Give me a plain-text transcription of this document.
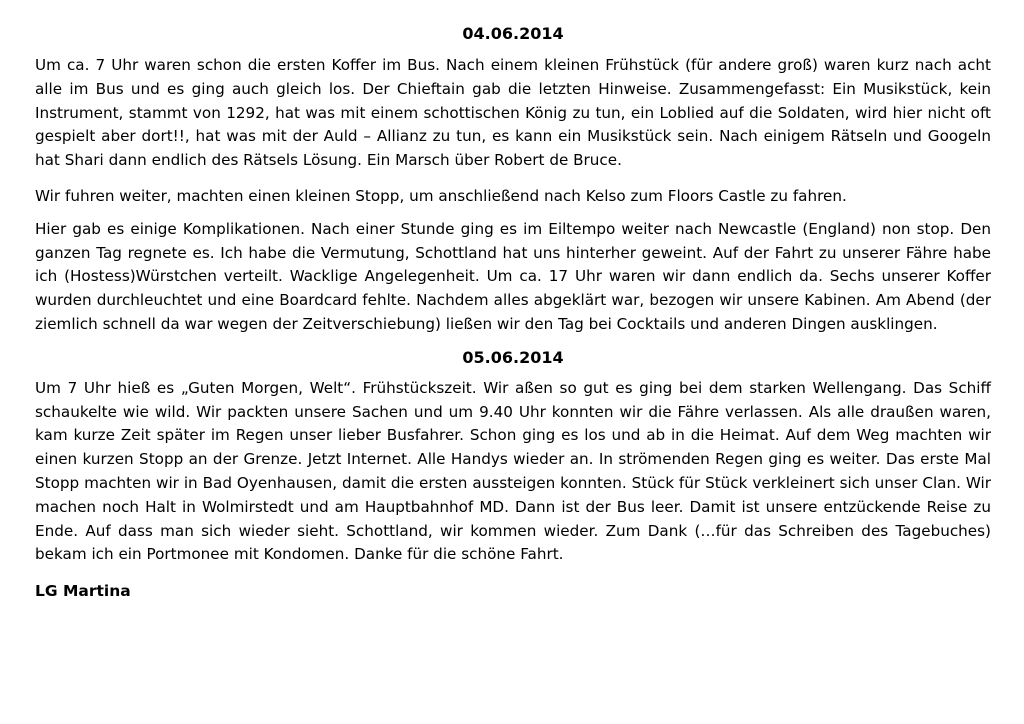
04.06.2014

Um ca. 7 Uhr waren schon die ersten Koffer im Bus. Nach einem kleinen Frühstück (für andere groß) waren kurz nach acht alle im Bus und es ging auch gleich los. Der Chieftain gab die letzten Hinweise. Zusammengefasst: Ein Musikstück, kein Instrument, stammt von 1292, hat was mit einem schottischen König zu tun, ein Loblied auf die Soldaten, wird hier nicht oft gespielt aber dort!!, hat was mit der Auld – Allianz zu tun, es kann ein Musikstück sein. Nach einigem Rätseln und Googeln hat Shari dann endlich des Rätsels Lösung. Ein Marsch über Robert de Bruce.

Wir fuhren weiter, machten einen kleinen Stopp, um anschließend nach Kelso zum Floors Castle zu fahren.

Hier gab es einige Komplikationen. Nach einer Stunde ging es im Eiltempo weiter nach Newcastle (England) non stop. Den ganzen Tag regnete es. Ich habe die Vermutung, Schottland hat uns hinterher geweint. Auf der Fahrt zu unserer Fähre habe ich (Hostess)Würstchen verteilt. Wacklige Angelegenheit. Um ca. 17 Uhr waren wir dann endlich da. Sechs unserer Koffer wurden durchleuchtet und eine Boardcard fehlte. Nachdem alles abgeklärt war, bezogen wir unsere Kabinen. Am Abend (der ziemlich schnell da war wegen der Zeitverschiebung) ließen wir den Tag bei Cocktails und anderen Dingen ausklingen.

05.06.2014

Um 7 Uhr hieß es „Guten Morgen, Welt“. Frühstückszeit. Wir aßen so gut es ging bei dem starken Wellengang. Das Schiff schaukelte wie wild. Wir packten unsere Sachen und um 9.40 Uhr konnten wir die Fähre verlassen. Als alle draußen waren, kam kurze Zeit später im Regen unser lieber Busfahrer. Schon ging es los und ab in die Heimat. Auf dem Weg machten wir einen kurzen Stopp an der Grenze. Jetzt Internet. Alle Handys wieder an. In strömenden Regen ging es weiter. Das erste Mal Stopp machten wir in Bad Oyenhausen, damit die ersten aussteigen konnten. Stück für Stück verkleinert sich unser Clan. Wir machen noch Halt in Wolmirstedt und am Hauptbahnhof MD. Dann ist der Bus leer. Damit ist unsere entzückende Reise zu Ende. Auf dass man sich wieder sieht. Schottland, wir kommen wieder. Zum Dank (…für das Schreiben des Tagebuches) bekam ich ein Portmonee mit Kondomen. Danke für die schöne Fahrt.

LG Martina
